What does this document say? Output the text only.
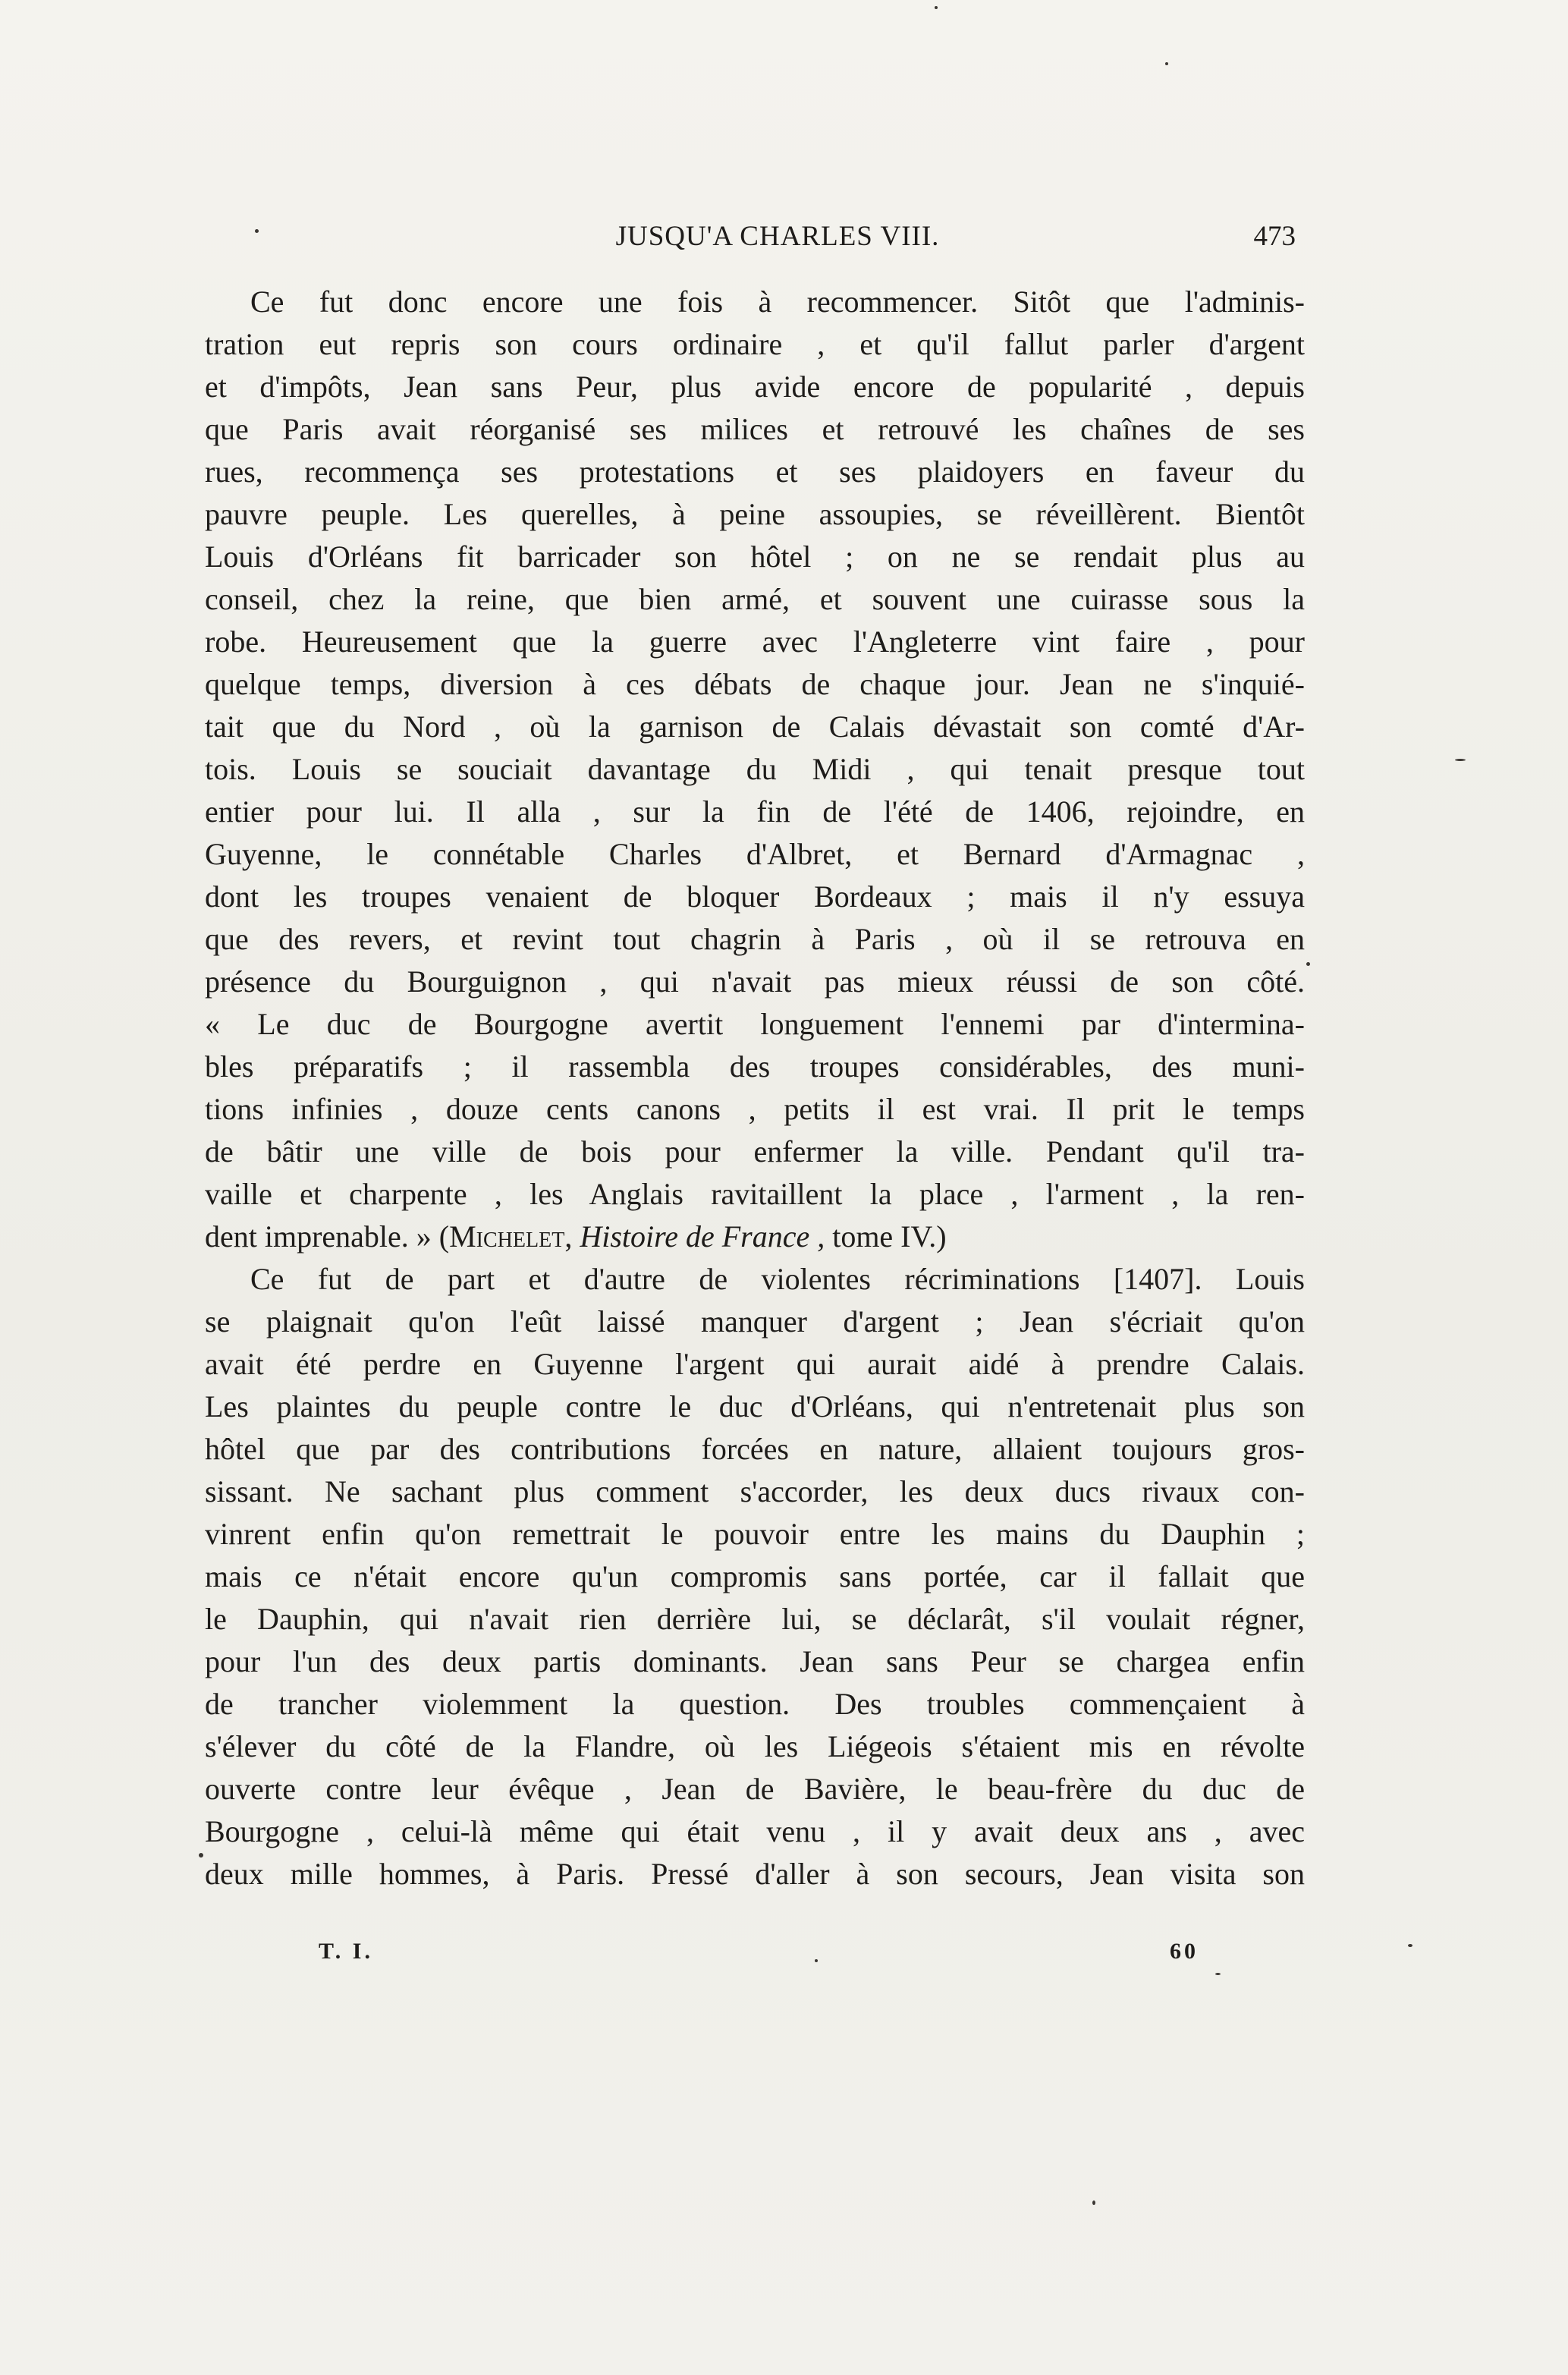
JUSQU'A CHARLES VIII.	473
Ce fut donc encore une fois à recommencer. Sitôt que l'adminis-
tration eut repris son cours ordinaire , et qu'il fallut parler d'argent
et d'impôts, Jean sans Peur, plus avide encore de popularité , depuis
que Paris avait réorganisé ses milices et retrouvé les chaînes de ses
rues, recommença ses protestations et ses plaidoyers en faveur du
pauvre peuple. Les querelles, à peine assoupies, se réveillèrent. Bientôt
Louis d'Orléans fit barricader son hôtel ; on ne se rendait plus au
conseil, chez la reine, que bien armé, et souvent une cuirasse sous la
robe. Heureusement que la guerre avec l'Angleterre vint faire , pour
quelque temps, diversion à ces débats de chaque jour. Jean ne s'inquié-
tait que du Nord , où la garnison de Calais dévastait son comté d'Ar-
tois. Louis se souciait davantage du Midi , qui tenait presque tout
entier pour lui. Il alla , sur la fin de l'été de 1406, rejoindre, en
Guyenne, le connétable Charles d'Albret, et Bernard d'Armagnac ,
dont les troupes venaient de bloquer Bordeaux ; mais il n'y essuya
que des revers, et revint tout chagrin à Paris , où il se retrouva en
présence du Bourguignon , qui n'avait pas mieux réussi de son côté.
« Le duc de Bourgogne avertit longuement l'ennemi par d'intermina-
bles préparatifs ; il rassembla des troupes considérables, des muni-
tions infinies , douze cents canons , petits il est vrai. Il prit le temps
de bâtir une ville de bois pour enfermer la ville. Pendant qu'il tra-
vaille et charpente , les Anglais ravitaillent la place , l'arment , la ren-
dent imprenable. » (Michelet, Histoire de France , tome IV.)
Ce fut de part et d'autre de violentes récriminations [1407]. Louis
se plaignait qu'on l'eût laissé manquer d'argent ; Jean s'écriait qu'on
avait été perdre en Guyenne l'argent qui aurait aidé à prendre Calais.
Les plaintes du peuple contre le duc d'Orléans, qui n'entretenait plus son
hôtel que par des contributions forcées en nature, allaient toujours gros-
sissant. Ne sachant plus comment s'accorder, les deux ducs rivaux con-
vinrent enfin qu'on remettrait le pouvoir entre les mains du Dauphin ;
mais ce n'était encore qu'un compromis sans portée, car il fallait que
le Dauphin, qui n'avait rien derrière lui, se déclarât, s'il voulait régner,
pour l'un des deux partis dominants. Jean sans Peur se chargea enfin
de trancher violemment la question. Des troubles commençaient à
s'élever du côté de la Flandre, où les Liégeois s'étaient mis en révolte
ouverte contre leur évêque , Jean de Bavière, le beau-frère du duc de
Bourgogne , celui-là même qui était venu , il y avait deux ans , avec
deux mille hommes, à Paris. Pressé d'aller à son secours, Jean visita son
T. I.	60
